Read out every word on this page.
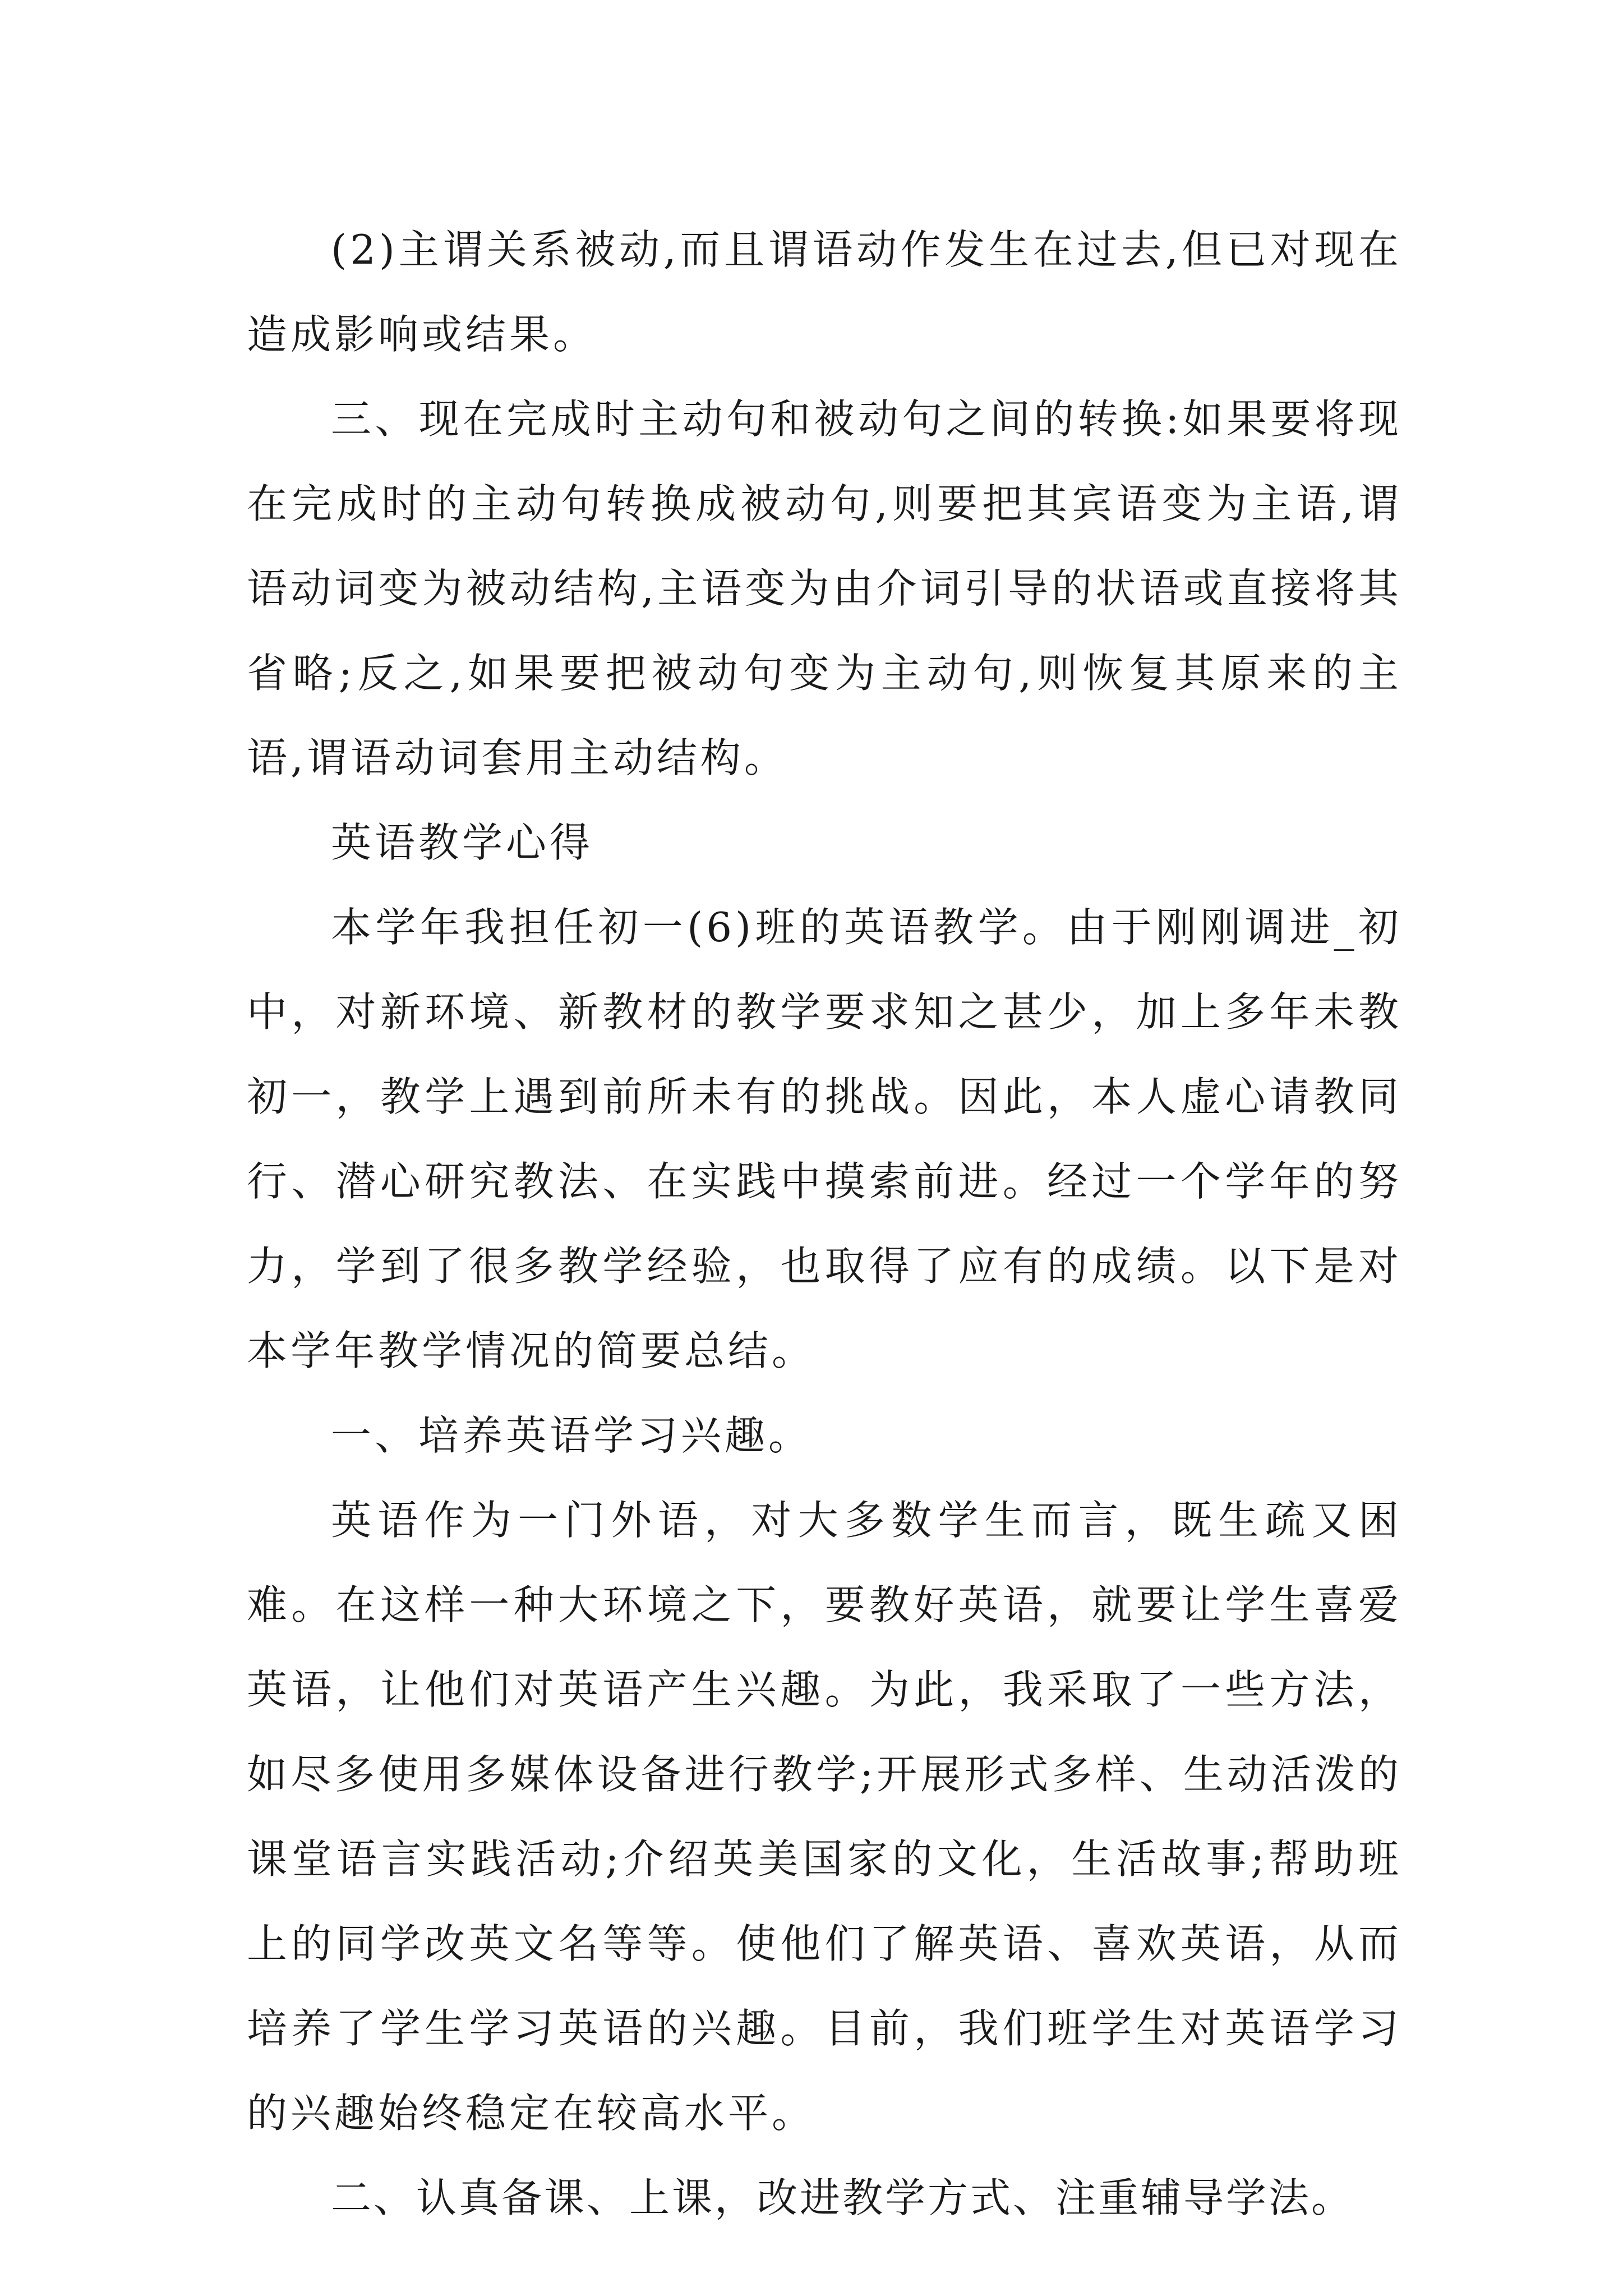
(2)主谓关系被动,而且谓语动作发生在过去,但已对现在造成影响或结果。

三、现在完成时主动句和被动句之间的转换:如果要将现在完成时的主动句转换成被动句,则要把其宾语变为主语,谓语动词变为被动结构,主语变为由介词引导的状语或直接将其省略;反之,如果要把被动句变为主动句,则恢复其原来的主语,谓语动词套用主动结构。

英语教学心得

本学年我担任初一(6)班的英语教学。由于刚刚调进_初中，对新环境、新教材的教学要求知之甚少，加上多年未教初一，教学上遇到前所未有的挑战。因此，本人虚心请教同行、潜心研究教法、在实践中摸索前进。经过一个学年的努力，学到了很多教学经验，也取得了应有的成绩。以下是对本学年教学情况的简要总结。

一、培养英语学习兴趣。

英语作为一门外语，对大多数学生而言，既生疏又困难。在这样一种大环境之下，要教好英语，就要让学生喜爱英语，让他们对英语产生兴趣。为此，我采取了一些方法，如尽多使用多媒体设备进行教学;开展形式多样、生动活泼的课堂语言实践活动;介绍英美国家的文化，生活故事;帮助班上的同学改英文名等等。使他们了解英语、喜欢英语，从而培养了学生学习英语的兴趣。目前，我们班学生对英语学习的兴趣始终稳定在较高水平。

二、认真备课、上课，改进教学方式、注重辅导学法。
